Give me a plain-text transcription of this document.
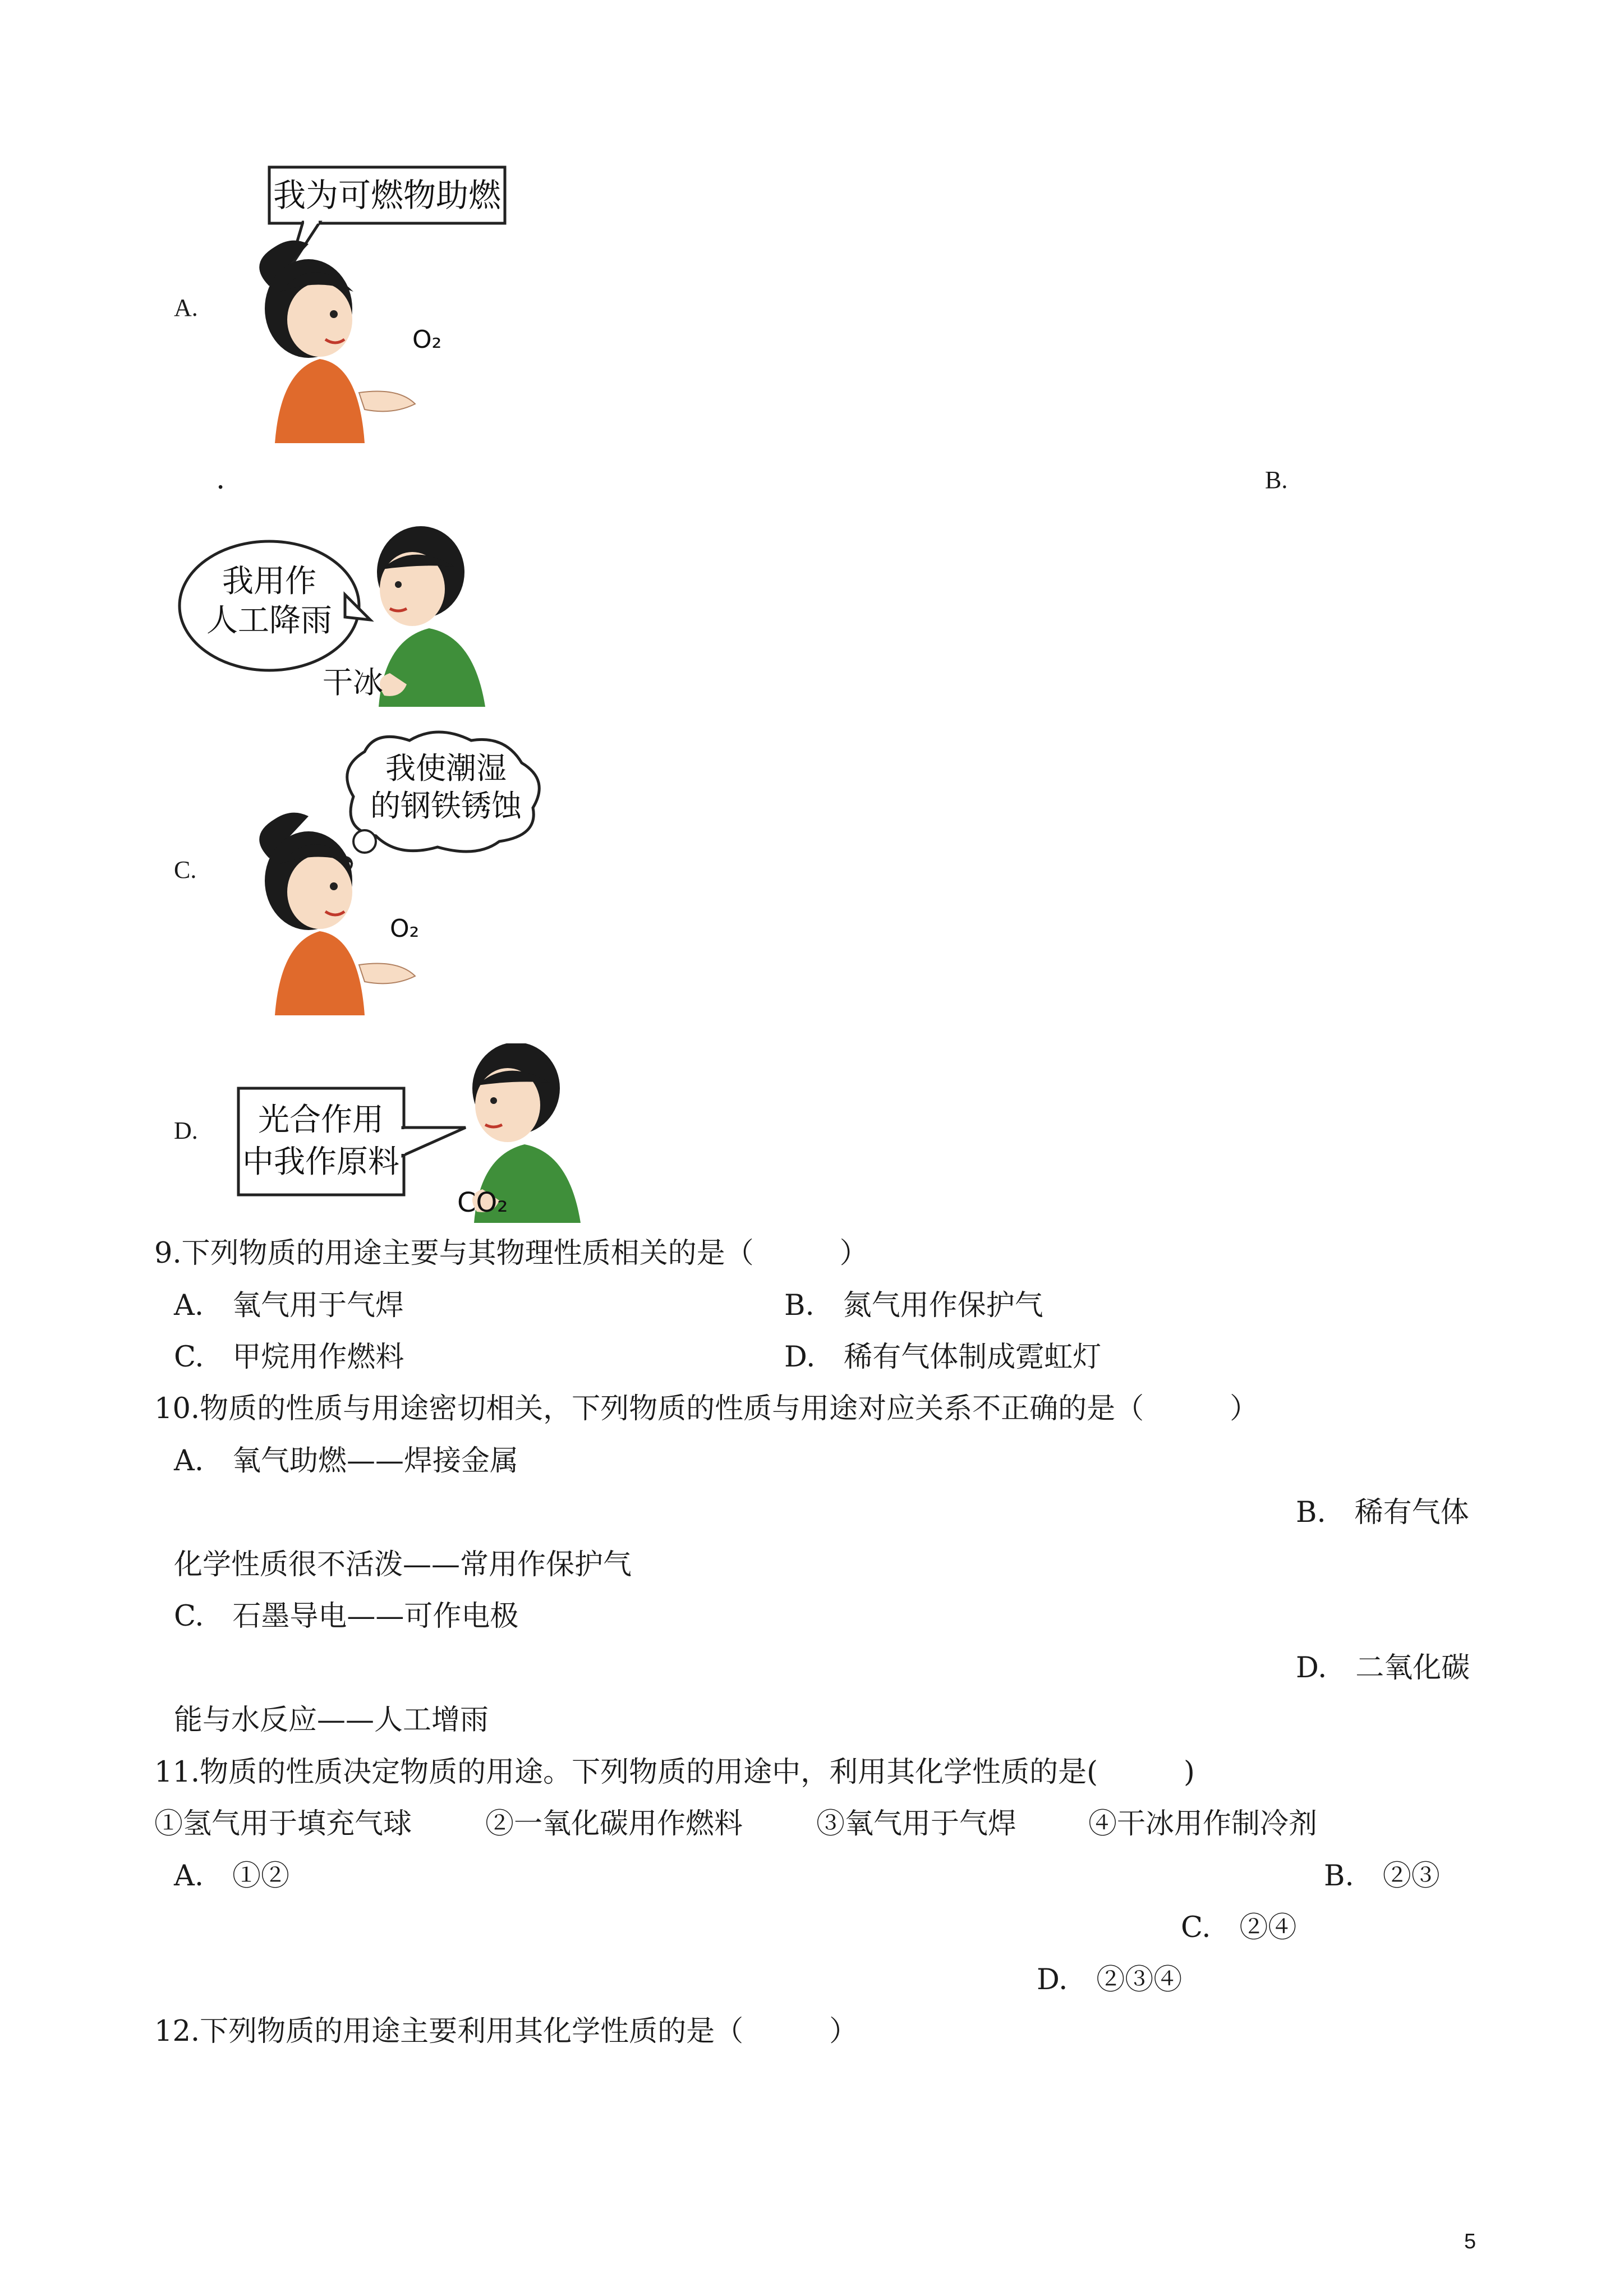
A.
我为可燃物助燃
O₂
.	B.
我用作
人工降雨
干冰
C.
我使潮湿
的钢铁锈蚀
O₂
D. 光合作用
中我作原料
CO₂
9.下列物质的用途主要与其物理性质相关的是（　　　）
A.　氧气用于气焊	B.　氮气用作保护气
C.　甲烷用作燃料	D.　稀有气体制成霓虹灯
10.物质的性质与用途密切相关，下列物质的性质与用途对应关系不正确的是（　　　）
A.　氧气助燃——焊接金属
B.　稀有气体
化学性质很不活泼——常用作保护气
C.　石墨导电——可作电极
D.　二氧化碳
能与水反应——人工增雨
11.物质的性质决定物质的用途。下列物质的用途中，利用其化学性质的是(　　　)
①氢气用于填充气球	②一氧化碳用作燃料	③氧气用于气焊	④干冰用作制冷剂
A.　①②	B.　②③
C.　②④
D.　②③④
12.下列物质的用途主要利用其化学性质的是（　　　）
5
